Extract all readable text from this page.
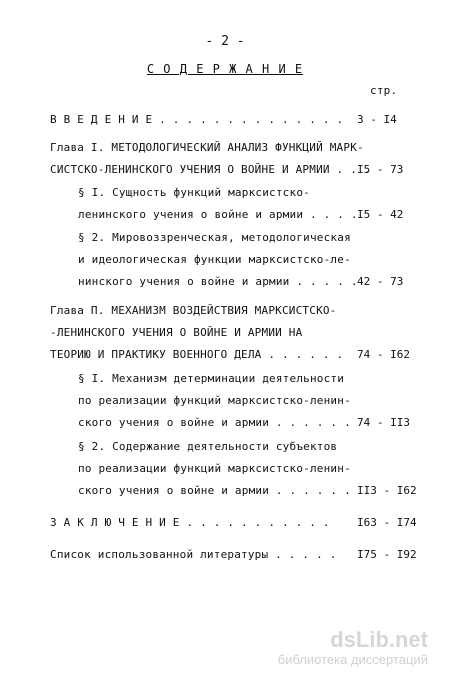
- 2 -
С О Д Е Р Ж А Н И Е
стр.
В В Е Д Е Н И Е . . . . . . . . . . . . . . 3 - I4
Глава I. МЕТОДОЛОГИЧЕСКИЙ АНАЛИЗ ФУНКЦИЙ МАРК-
СИСТСКО-ЛЕНИНСКОГО УЧЕНИЯ О ВОЙНЕ И АРМИИ . . .
I5 - 73
§ I. Сущность функций марксистско-
ленинского учения о войне и армии . . . . I5 - 42
§ 2. Мировоззренческая, методологическая
и идеологическая функции марксистско-ле-
нинского учения о войне и армии . . . . . 42 - 73
Глава П. МЕХАНИЗМ ВОЗДЕЙСТВИЯ МАРКСИСТСКО-
-ЛЕНИНСКОГО УЧЕНИЯ О ВОЙНЕ И АРМИИ НА
ТЕОРИЮ И ПРАКТИКУ ВОЕННОГО ДЕЛА . . . . . . 74 - I62
§ I. Механизм детерминации деятельности
по реализации функций марксистско-ленин-
ского учения о войне и армии . . . . . . 74 - II3
§ 2. Содержание деятельности субъектов
по реализации функций марксистско-ленин-
ского учения о войне и армии . . . . . . II3 - I62
З А К Л Ю Ч Е Н И Е . . . . . . . . . . . I63 - I74
Список использованной литературы . . . . . I75 - I92
dsLib.net
библиотека диссертаций
